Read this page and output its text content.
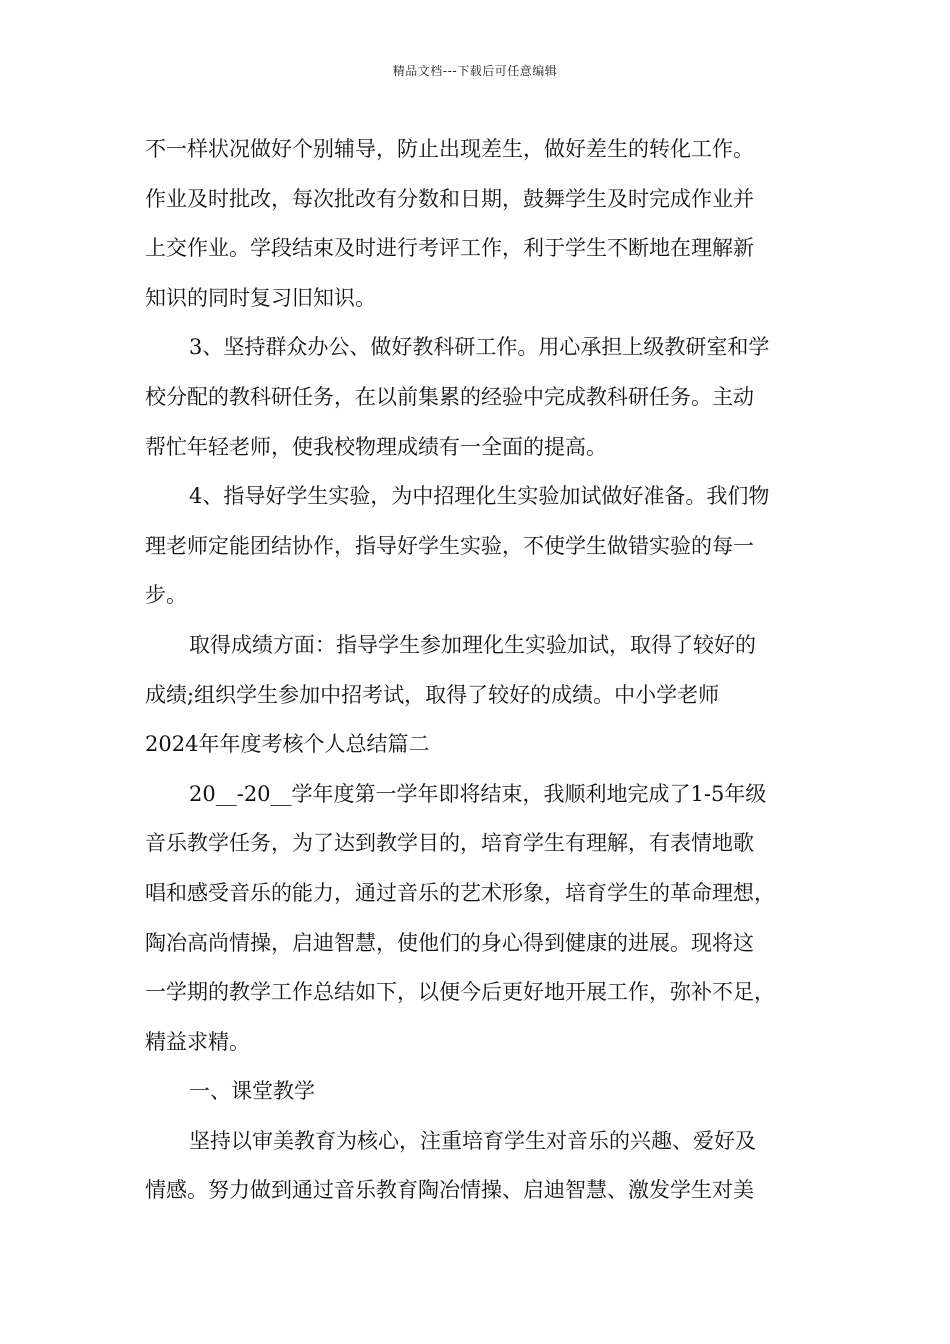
精品文档---下载后可任意编辑
不一样状况做好个别辅导，防止出现差生，做好差生的转化工作。
作业及时批改，每次批改有分数和日期，鼓舞学生及时完成作业并
上交作业。学段结束及时进行考评工作，利于学生不断地在理解新
知识的同时复习旧知识。
3、坚持群众办公、做好教科研工作。用心承担上级教研室和学
校分配的教科研任务，在以前集累的经验中完成教科研任务。主动
帮忙年轻老师，使我校物理成绩有一全面的提高。
4、指导好学生实验，为中招理化生实验加试做好准备。我们物
理老师定能团结协作，指导好学生实验，不使学生做错实验的每一
步。
取得成绩方面：指导学生参加理化生实验加试，取得了较好的
成绩;组织学生参加中招考试，取得了较好的成绩。中小学老师
2024年年度考核个人总结篇二
20__-20__学年度第一学年即将结束，我顺利地完成了1-5年级
音乐教学任务，为了达到教学目的，培育学生有理解，有表情地歌
唱和感受音乐的能力，通过音乐的艺术形象，培育学生的革命理想，
陶冶高尚情操，启迪智慧，使他们的身心得到健康的进展。现将这
一学期的教学工作总结如下，以便今后更好地开展工作，弥补不足，
精益求精。
一、课堂教学
坚持以审美教育为核心，注重培育学生对音乐的兴趣、爱好及
情感。努力做到通过音乐教育陶冶情操、启迪智慧、激发学生对美
